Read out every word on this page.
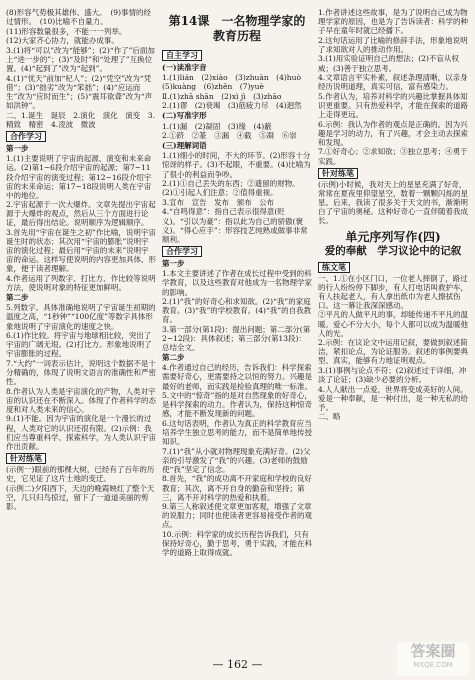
(8)形容气势极其雄伟、盛大。　(9)事情的经过情形。　(10)比喻不自量力。

(11)形容数量很多，不能一一列举。

(12)大家齐心协力，就能办成事。

3.(1)将“可以”改为“能够”；(2)“作了”后面加上“进一步的”；(3)“及时”和“处理了”互换位置。(4)“起到了”改为“起到”。

4.(1)“忧天”前加“杞人”；(2)“凭空”改为“凭借”；(3)“拙劣”改为“笨拙”；(4)“应运而生”改为“应时而生”；(5)“震耳欲聋”改为“声如洪钟”。

二、1.诞生　诞辰　2.演化　演化　演变　3.精致　精密　4.凌波　微波

合作学习
第一步

1.(1)主要说明了宇宙的起源、演变和未来命运。(2)第1~6段介绍宇宙的起源；第7~11段介绍宇宙的演变过程；第12~16段介绍宇宙的未来命运；第17~18段说明人类在宇宙中的地位。

2.宇宙起源于一次大爆炸。文章先提出宇宙起源于大爆炸的观点，然后从三个方面进行论证，最后得出结论。说明顺序为逻辑顺序。

3.首先用“宇宙在诞生之初”作比喻，说明宇宙诞生时的状态；其次用“宇宙的膨胀”说明宇宙的演化过程；最后用“宇宙的未来”说明宇宙的命运。这样写使说明的内容更加具体、形象，便于读者理解。

4.作者运用了列数字、打比方、作比较等说明方法，使说明对象的特征更加鲜明。

第二步

5.列数字。具体准确地说明了宇宙诞生初期的温度之高，“1秒钟”“100亿度”等数字具体形象地说明了宇宙演化的速度之快。

6.(1)作比较。将宇宙与地球相比较，突出了宇宙的广阔无垠。(2)打比方。形象地说明了宇宙膨胀的过程。

7.“大约”一词表示估计，说明这个数据不是十分精确的，体现了说明文语言的准确性和严密性。

8.作者认为人类是宇宙演化的产物，人类对宇宙的认识还在不断深入。体现了作者科学的态度和对人类未来的信心。

9.(1)不能。因为宇宙的演化是一个漫长的过程，人类对它的认识还很有限。(2)示例：我们应当尊重科学、探索科学，为人类认识宇宙作出贡献。

针对练笔

(示例一)眼前的那棵大树，已经有了百年的历史，它见证了这片土地的变迁。

(示例二)夕阳西下，天边的晚霞映红了整个天空，几只归鸟掠过，留下了一道道美丽的剪影。

第14课　一名物理学家的
教育历程
自主学习
(一)读准字音

1.(1)lián　(2)xiào　(3)zhuàn　(4)huò　(5)kuàng　(6)zhěn　(7)yuè

Ⅱ.(1)zhā shān　(2)xì jì　(3)zhāo

2.(1)谬　(2)衰竭　(3)筋疲力尽　(4)迥然

(二)写准字形

1.(1)漏　(2)凝固　(3)缘　(4)蔽

2.①跻　②篆　③漏　④截　⑤凝　⑥崇

(三)理解词语

1.(1)细小的时间，不大的环节。(2)形容十分惊讶的样子。(3)不起眼，不重要。(4)比喻为了很小的利益而争吵。

2.(1)①自己丢失的东西；②遗留的财物。(2)①引起人们注意；②值得重视。

3.宣布　宣告　发布　颁布　公布

4.“自鸣得意”：指自己表示很得意(贬义)。“引以为豪”：指以此为自己的骄傲(褒义)。“得心应手”：形容技艺纯熟或做事非常顺利。

合作学习
第一步

1.本文主要讲述了作者在成长过程中受到的科学教育，以及这些教育对他成为一名物理学家的影响。

2.(1)“我”的好奇心和求知欲。(2)“我”的家庭教育。(3)“我”的学校教育。(4)“我”的自我教育。

3.第一部分(第1段)：提出问题；第二部分(第2~12段)：具体叙述；第三部分(第13段)：总结全文。

第二步

4.作者通过自己的经历，告诉我们：科学探索需要好奇心，更需要持之以恒的努力。兴趣是最好的老师，而实践是检验真理的唯一标准。

5.文中的“惊奇”指的是对自然现象的好奇心，是科学探索的动力。作者认为，保持这种惊奇感，才能不断发现新的问题。

6.这句话表明，作者认为真正的科学教育应当培养学生独立思考的能力，而不是简单地传授知识。

7.(1)“我”从小就对物理现象充满好奇。(2)父亲的引导激发了“我”的兴趣。(3)老师的鼓励使“我”坚定了信念。

8.首先，“我”的成功离不开家庭和学校的良好教育；其次，离不开自身的勤奋和坚持；第三，离不开对科学的热爱和执着。

9.第三人称叙述使文章更加客观，增强了文章的说服力；同时也使读者更容易接受作者的观点。

10.示例：科学家的成长历程告诉我们，只有保持好奇心，勤于思考，勇于实践，才能在科学的道路上取得成就。

1.作者讲述这些故事，是为了说明自己成为物理学家的原因，也是为了告诉读者：科学的种子早在童年时就已经播下。

2.这句话运用了比喻的修辞手法，形象地说明了求知欲对人的推动作用。

3.(1)用实验证明自己的想法；(2)不盲从权威；(3)善于独立思考。

4.文章语言平实朴素，叙述条理清晰，以亲身经历说明道理，真实可信，富有感染力。

5.作者认为，培养对科学的兴趣比掌握具体知识更重要。只有热爱科学，才能在探索的道路上走得更远。

6.示例：我认为作者的观点是正确的。因为兴趣是学习的动力，有了兴趣，才会主动去探索和发现。

7.①好奇心；②求知欲；③独立思考；④勇于实践。

针对练笔

(示例)小时候，我对天上的星星充满了好奇，常常在夏夜里仰望星空，数着一颗颗闪烁的星星。后来，我读了很多关于天文的书，渐渐明白了宇宙的奥秘。这种好奇心一直伴随着我成长。

单元序列写作(四)
爱的奉献　学习议论中的记叙
练文笔

一、1.①在小区门口，一位老人摔倒了，路过的行人纷纷停下脚步，有人打电话叫救护车，有人扶起老人，有人拿出纸巾为老人擦拭伤口。这一幕让我深深感动。

②平凡的人做平凡的事，却能传递不平凡的温暖。爱心不分大小，每个人都可以成为温暖他人的光。

2.示例：在议论文中运用记叙，要做到叙述简洁，紧扣论点，为论证服务。叙述的事例要典型、真实，能够有力地证明观点。

3.(1)事例与论点不符；(2)叙述过于详细，冲淡了论证；(3)缺少必要的分析。

4.人人献出一点爱，世界将变成美好的人间。爱是一种奉献，是一种付出，是一种无私的给予。

二、略

— 162 —
答案圈
MXQE.COM
